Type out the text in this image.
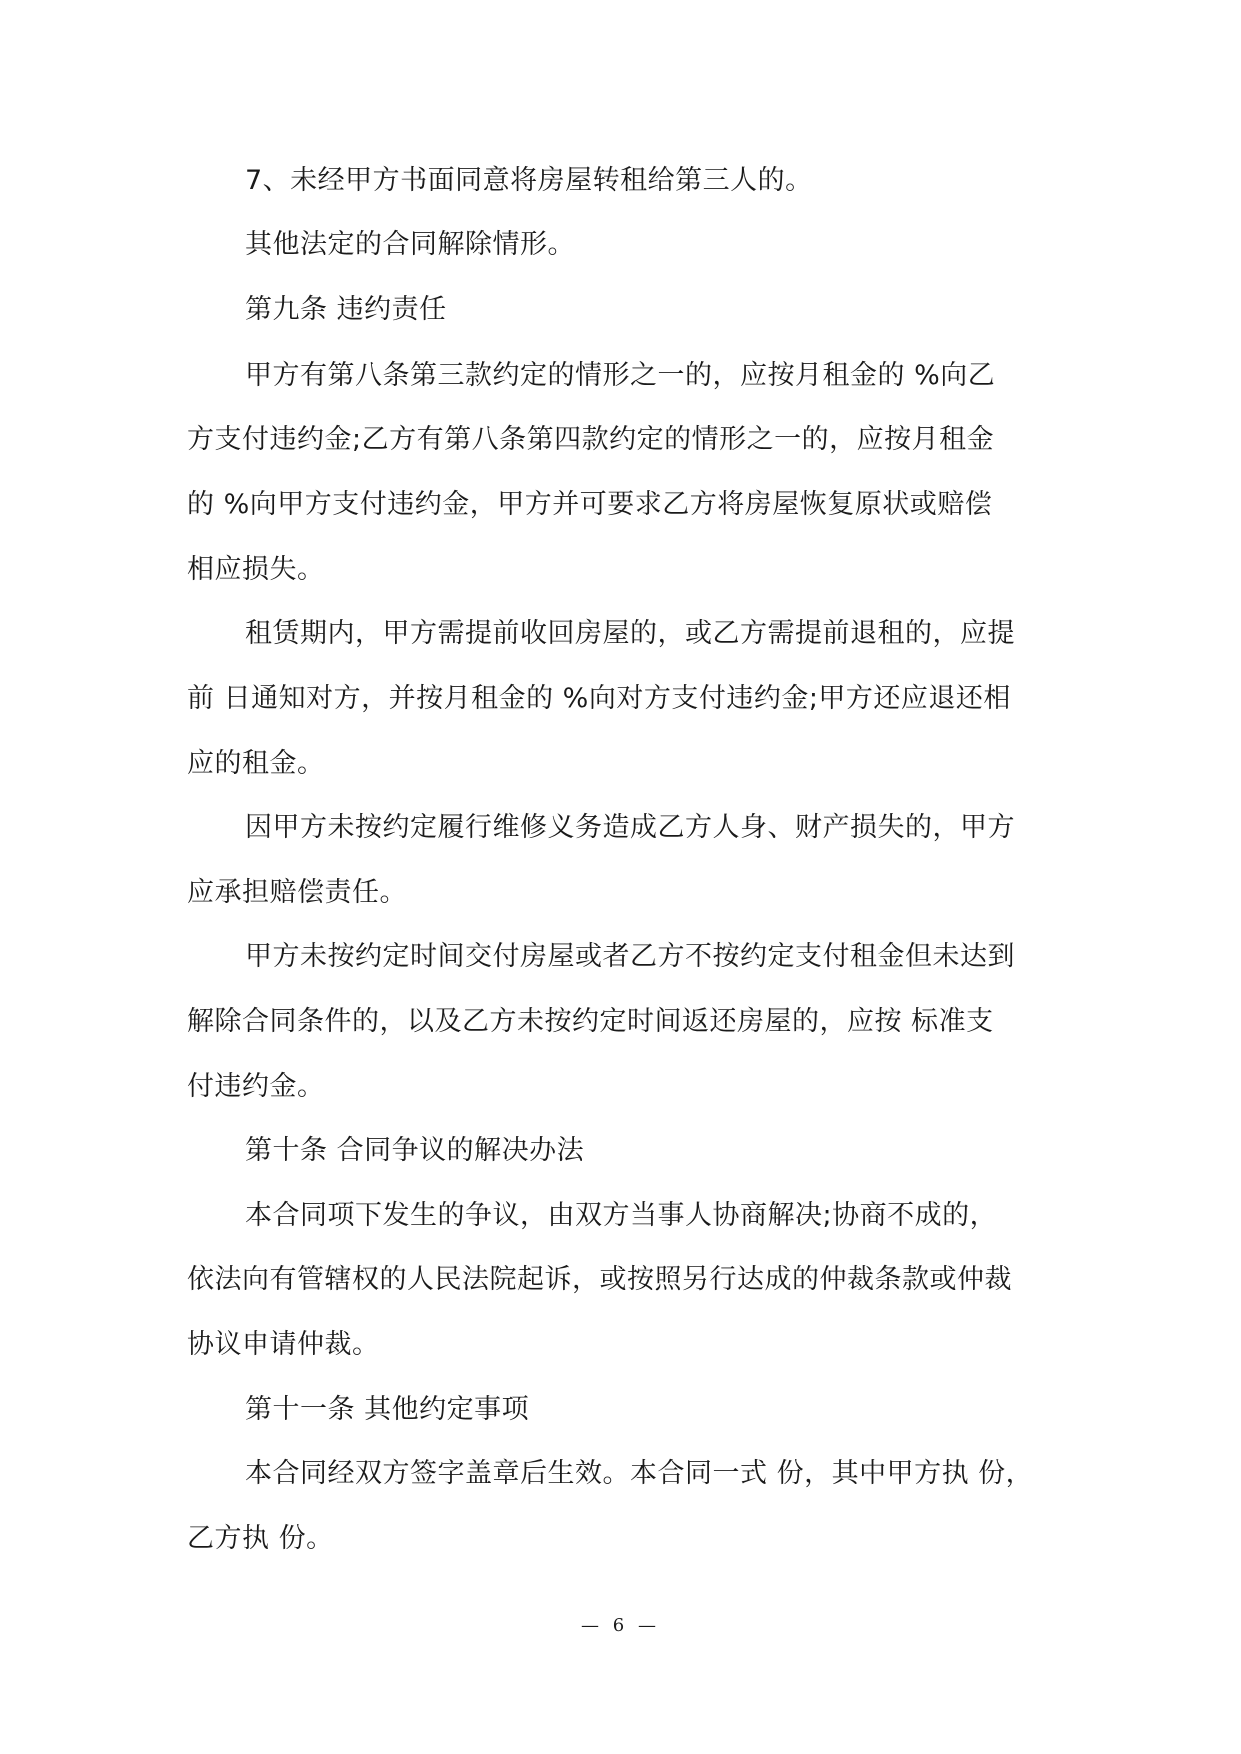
7、未经甲方书面同意将房屋转租给第三人的。
其他法定的合同解除情形。
第九条 违约责任
甲方有第八条第三款约定的情形之一的，应按月租金的 %向乙
方支付违约金;乙方有第八条第四款约定的情形之一的，应按月租金
的 %向甲方支付违约金，甲方并可要求乙方将房屋恢复原状或赔偿
相应损失。
租赁期内，甲方需提前收回房屋的，或乙方需提前退租的，应提
前 日通知对方，并按月租金的 %向对方支付违约金;甲方还应退还相
应的租金。
因甲方未按约定履行维修义务造成乙方人身、财产损失的，甲方
应承担赔偿责任。
甲方未按约定时间交付房屋或者乙方不按约定支付租金但未达到
解除合同条件的，以及乙方未按约定时间返还房屋的，应按 标准支
付违约金。
第十条 合同争议的解决办法
本合同项下发生的争议，由双方当事人协商解决;协商不成的，
依法向有管辖权的人民法院起诉，或按照另行达成的仲裁条款或仲裁
协议申请仲裁。
第十一条 其他约定事项
本合同经双方签字盖章后生效。本合同一式 份，其中甲方执 份，
乙方执 份。
— 6 —
